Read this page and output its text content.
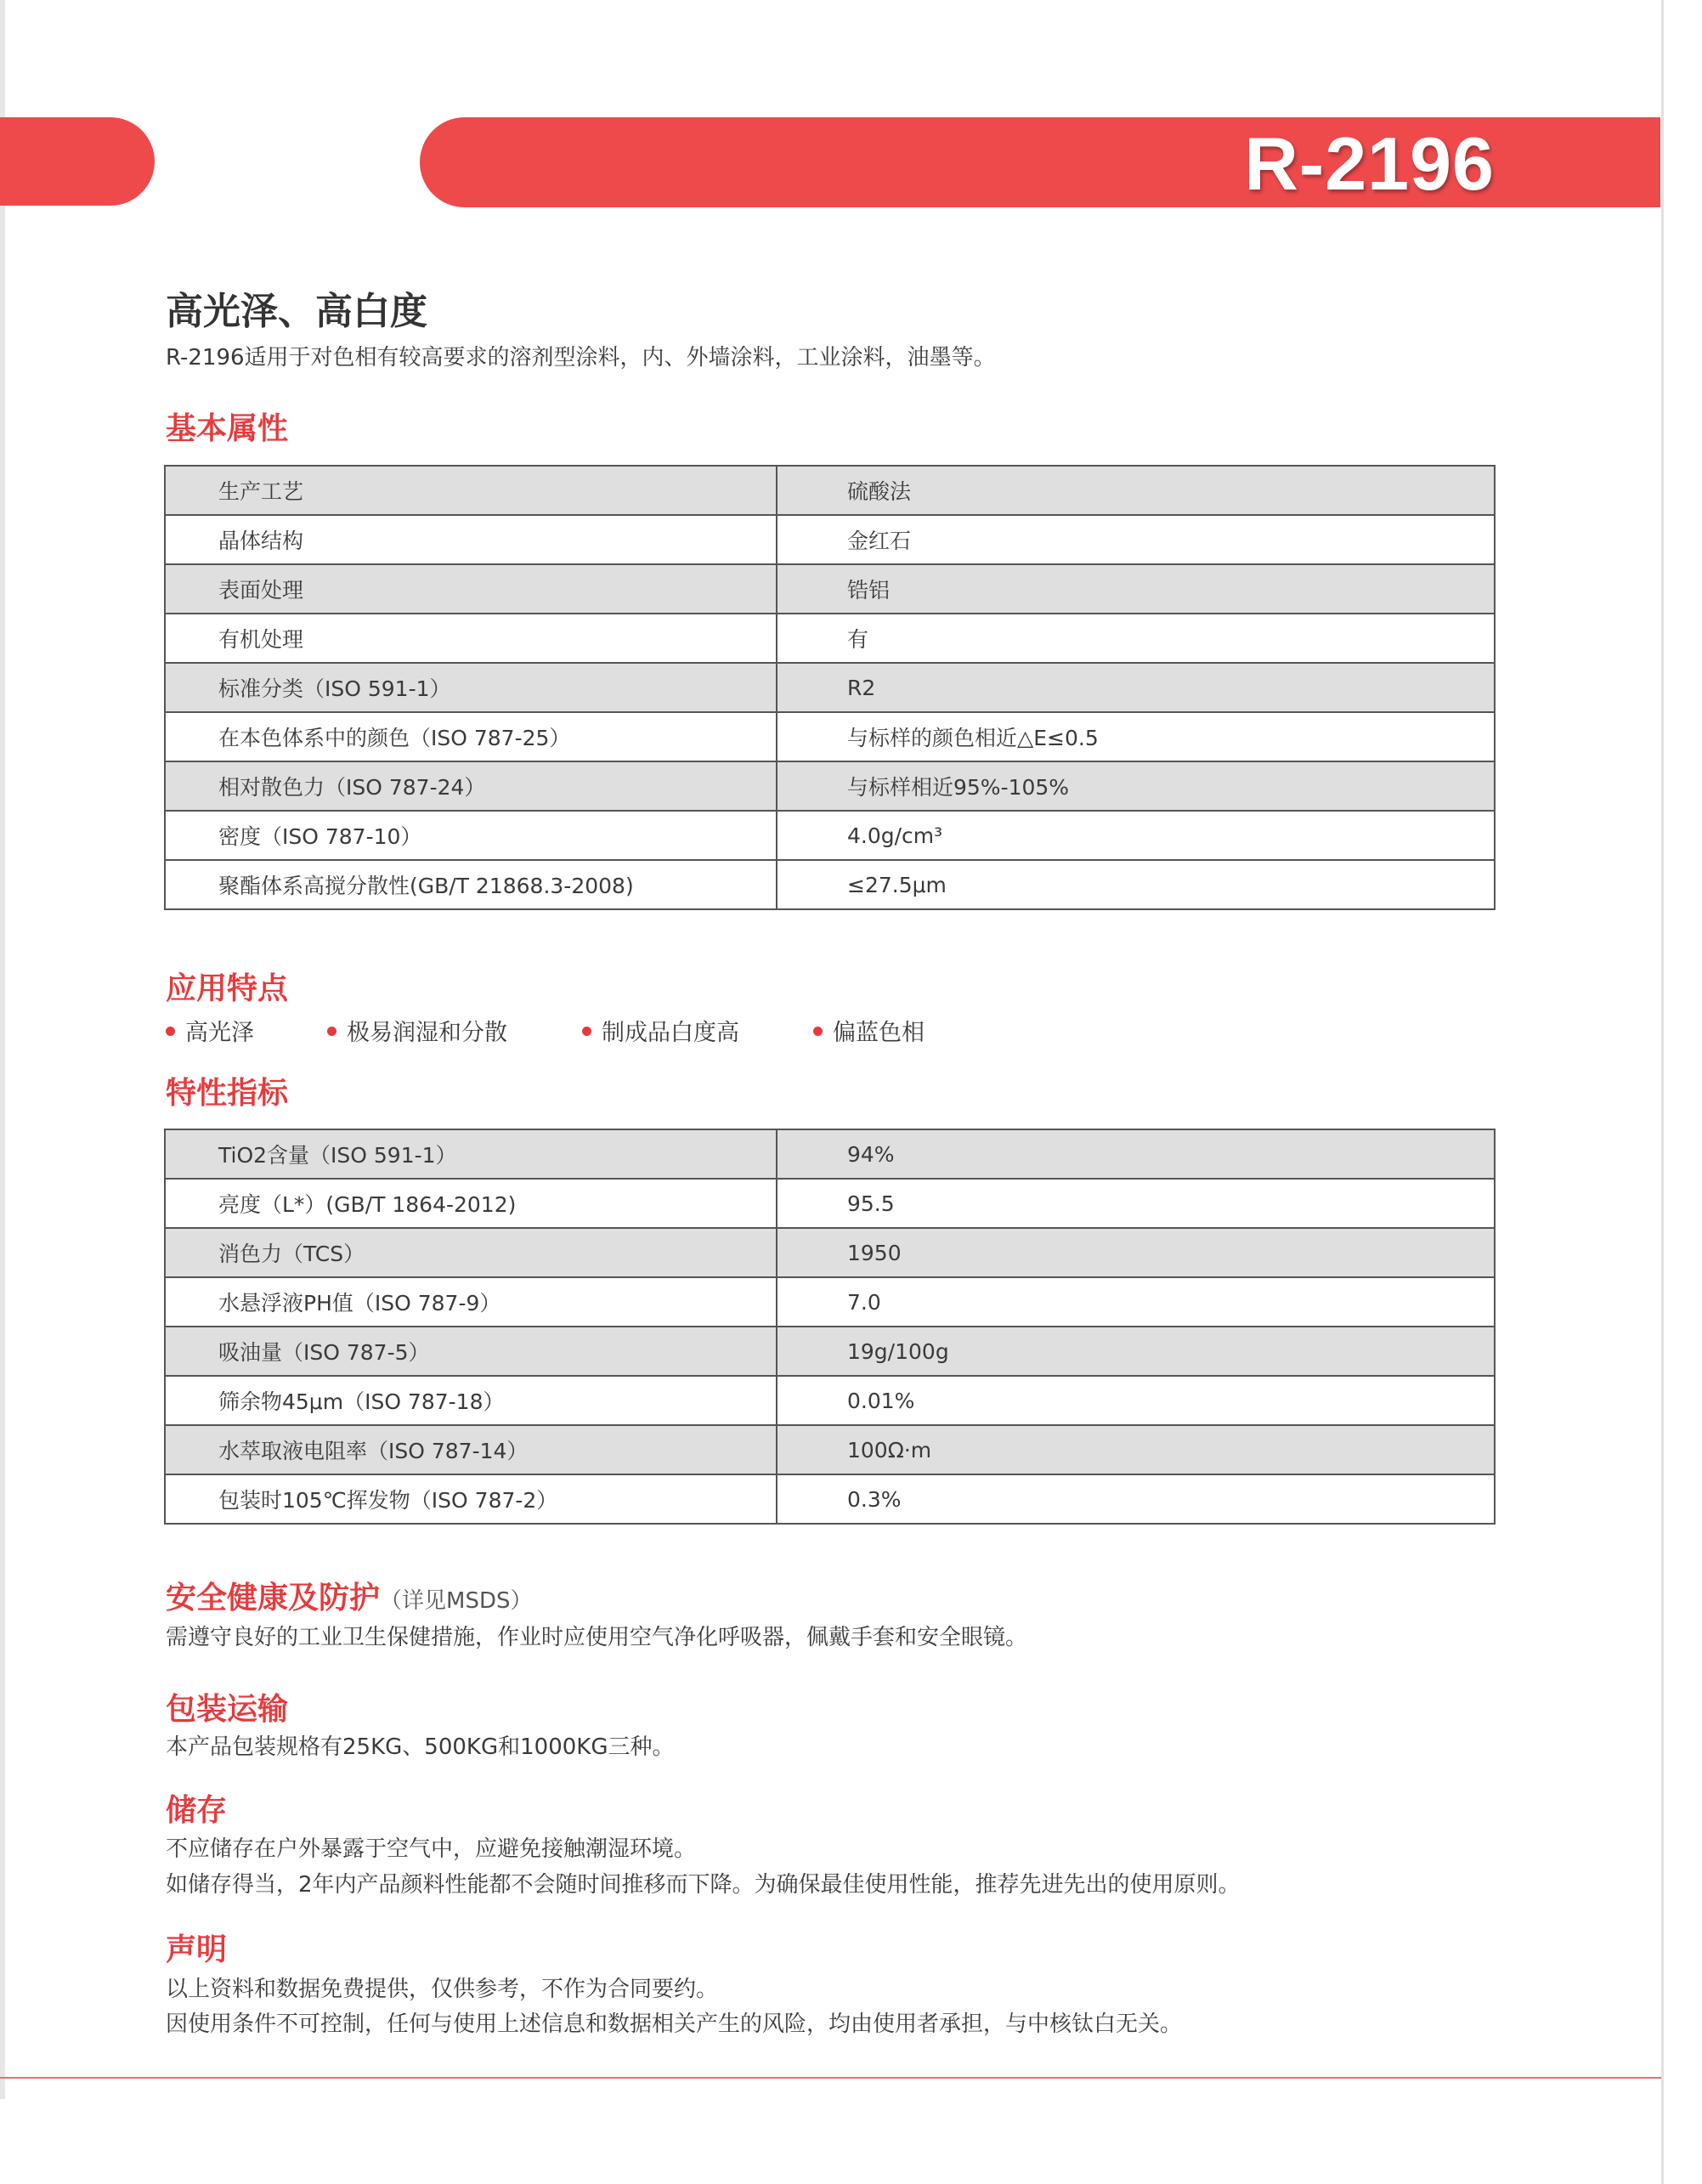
R-2196
高光泽、高白度

R-2196适用于对色相有较高要求的溶剂型涂料，内、外墙涂料，工业涂料，油墨等。

基本属性
生产工艺	硫酸法
晶体结构	金红石
表面处理	锆铝
有机处理	有
标准分类（ISO 591-1）	R2
在本色体系中的颜色（ISO 787-25）	与标样的颜色相近△E≤0.5
相对散色力（ISO 787-24）	与标样相近95%-105%
密度（ISO 787-10）	4.0g/cm³
聚酯体系高搅分散性(GB/T 21868.3-2008)	≤27.5μm
应用特点
高光泽	极易润湿和分散	制成品白度高	偏蓝色相
特性指标
TiO2含量（ISO 591-1）	94%
亮度（L*）(GB/T 1864-2012)	95.5
消色力（TCS）	1950
水悬浮液PH值（ISO 787-9）	7.0
吸油量（ISO 787-5）	19g/100g
筛余物45μm（ISO 787-18）	0.01%
水萃取液电阻率（ISO 787-14）	100Ω·m
包装时105℃挥发物（ISO 787-2）	0.3%
安全健康及防护（详见MSDS）

需遵守良好的工业卫生保健措施，作业时应使用空气净化呼吸器，佩戴手套和安全眼镜。

包装运输

本产品包装规格有25KG、500KG和1000KG三种。

储存

不应储存在户外暴露于空气中，应避免接触潮湿环境。

如储存得当，2年内产品颜料性能都不会随时间推移而下降。为确保最佳使用性能，推荐先进先出的使用原则。

声明

以上资料和数据免费提供，仅供参考，不作为合同要约。

因使用条件不可控制，任何与使用上述信息和数据相关产生的风险，均由使用者承担，与中核钛白无关。
